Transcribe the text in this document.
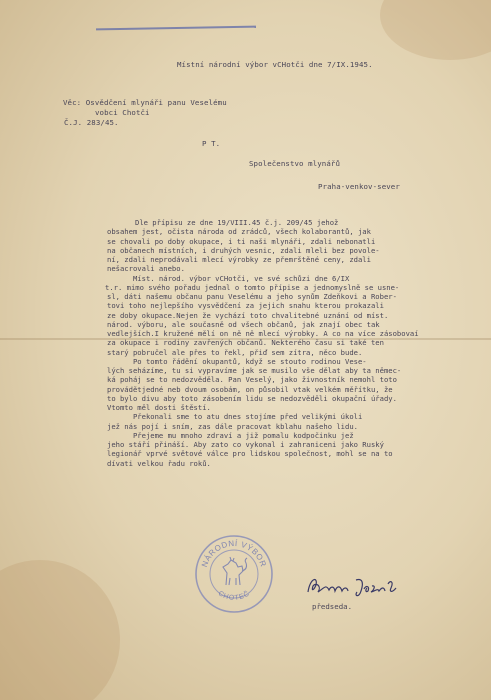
Místní národní výbor vCHotči dne 7/IX.1945.
Věc: Osvědčení mlynáři panu Veselému
vobci Chotči
Č.J. 283/45.
P T.
Společenstvo mlynářů
Praha-venkov-sever
Dle přípisu ze dne 19/VIII.45 č.j. 209/45 jehož
obsahem jest, očista národa od zrádců, všech kolaborantů, jak
se chovali po doby okupace, i ti naši mlynáři, zdali nebonatli
na občanech místních, i druhých vesnic, zdali mleli bez povole-
ní, zdali neprodávali mlecí výrobky ze přemrštěné ceny, zdali
nešacrovali anebo.
Míst. národ. výbor vCHotči, ve své schůzi dne 6/IX
t.r. mimo svého pořadu jednal o tomto přípise a jednomyslně se usne-
sl, dáti našemu občanu panu Veselému a jeho synům Zdeňkovi a Rober-
tovi toho nejlepšího vysvědčení za jejich snahu kterou prokazali
ze doby okupace.Nejen že vychází toto chvalitebné uznání od míst.
národ. výboru, ale současně od všech občanů, jak znají obec tak
vedlejších.I kružené mělí on ně ně mlecí výrobky. A co na více zásobovaí
za okupace i rodiny zavřených občanů. Nekterého času si také ten
starý pobručel ale přes to řekl, přiď sem zítra, něco bude.
Po tomto řádění okupantů, když se stouto rodinou Vese-
lých seházíme, tu si vypravíme jak se musilo vše dělat aby ta němec-
ká poháj se to nedozvěděla. Pan Veselý, jako živnostník nemohl toto
provádětjedné neb dvoum osobám, on působil vtak velkém měřítku, že
to bylo divu aby toto zásobením lidu se nedozvěděli okupační úřady.
Vtomto měl dosti štěstí.
Překonali sme to atu dnes stojíme před velikými úkoli
jež nás pojí i sním, zas dále pracovat kblahu našeho lidu.
Přejeme mu mnoho zdraví a již pomalu kodpočinku jež
jeho stáří přináší. Aby zato co vykonal i zahraniceni jako Ruský
legionář vprvé světové válce pro lidskou společnost, mohl se na to
dívati velkou řadu roků.
NÁRODNÍ VÝBOR
CHOTEČ
předseda.
